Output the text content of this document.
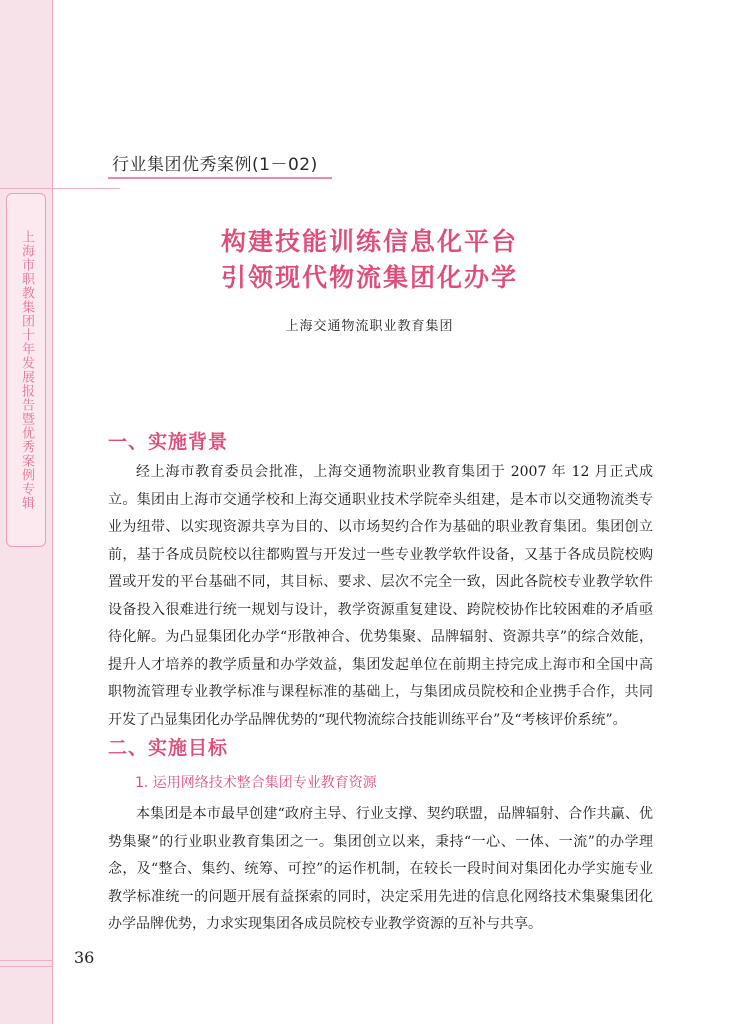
上海市职教集团十年发展报告暨优秀案例专辑
行业集团优秀案例(1－02)
构建技能训练信息化平台
引领现代物流集团化办学
上海交通物流职业教育集团
一、实施背景

经上海市教育委员会批准，上海交通物流职业教育集团于 2007 年 12 月正式成立。集团由上海市交通学校和上海交通职业技术学院牵头组建，是本市以交通物流类专业为纽带、以实现资源共享为目的、以市场契约合作为基础的职业教育集团。集团创立前，基于各成员院校以往都购置与开发过一些专业教学软件设备，又基于各成员院校购置或开发的平台基础不同，其目标、要求、层次不完全一致，因此各院校专业教学软件设备投入很难进行统一规划与设计，教学资源重复建设、跨院校协作比较困难的矛盾亟待化解。为凸显集团化办学“形散神合、优势集聚、品牌辐射、资源共享”的综合效能，提升人才培养的教学质量和办学效益，集团发起单位在前期主持完成上海市和全国中高职物流管理专业教学标准与课程标准的基础上，与集团成员院校和企业携手合作，共同开发了凸显集团化办学品牌优势的“现代物流综合技能训练平台”及“考核评价系统”。

二、实施目标
1. 运用网络技术整合集团专业教育资源

本集团是本市最早创建“政府主导、行业支撑、契约联盟，品牌辐射、合作共赢、优势集聚”的行业职业教育集团之一。集团创立以来，秉持“一心、一体、一流”的办学理念，及“整合、集约、统筹、可控”的运作机制，在较长一段时间对集团化办学实施专业教学标准统一的问题开展有益探索的同时，决定采用先进的信息化网络技术集聚集团化办学品牌优势，力求实现集团各成员院校专业教学资源的互补与共享。

36
